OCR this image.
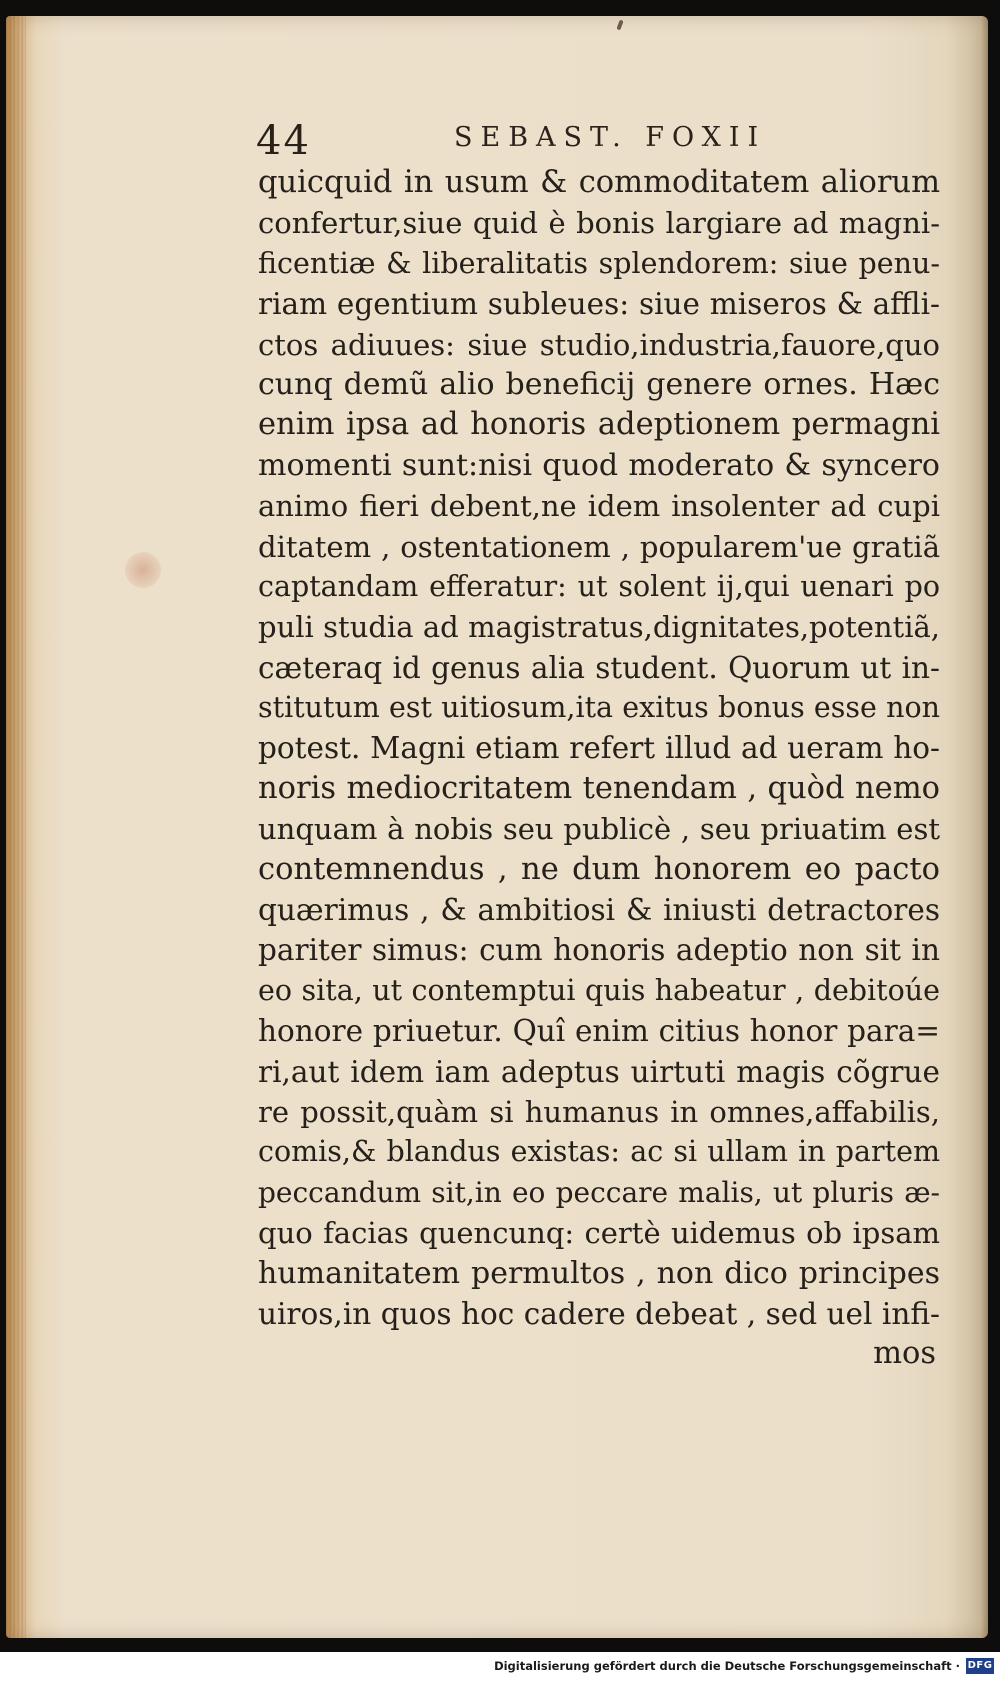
44	SEBAST. FOXII
quicquid in usum & commoditatem aliorum
confertur,siue quid è bonis largiare ad magni-
ficentiæ & liberalitatis splendorem: siue penu-
riam egentium subleues: siue miseros & affli-
ctos adiuues: siue studio,industria,fauore,quo
cunq demũ alio beneficij genere ornes. Hæc
enim ipsa ad honoris adeptionem permagni
momenti sunt:nisi quod moderato & syncero
animo fieri debent,ne idem insolenter ad cupi
ditatem , ostentationem , popularem'ue gratiã
captandam efferatur: ut solent ij,qui uenari po
puli studia ad magistratus,dignitates,potentiã,
cæteraq id genus alia student. Quorum ut in-
stitutum est uitiosum,ita exitus bonus esse non
potest. Magni etiam refert illud ad ueram ho-
noris mediocritatem tenendam , quòd nemo
unquam à nobis seu publicè , seu priuatim est
contemnendus , ne dum honorem eo pacto
quærimus , & ambitiosi & iniusti detractores
pariter simus: cum honoris adeptio non sit in
eo sita, ut contemptui quis habeatur , debitoúe
honore priuetur. Quî enim citius honor para=
ri,aut idem iam adeptus uirtuti magis cõgrue
re possit,quàm si humanus in omnes,affabilis,
comis,& blandus existas: ac si ullam in partem
peccandum sit,in eo peccare malis, ut pluris æ-
quo facias quencunq: certè uidemus ob ipsam
humanitatem permultos , non dico principes
uiros,in quos hoc cadere debeat , sed uel infi-
mos
Digitalisierung gefördert durch die Deutsche Forschungsgemeinschaft · DFG
